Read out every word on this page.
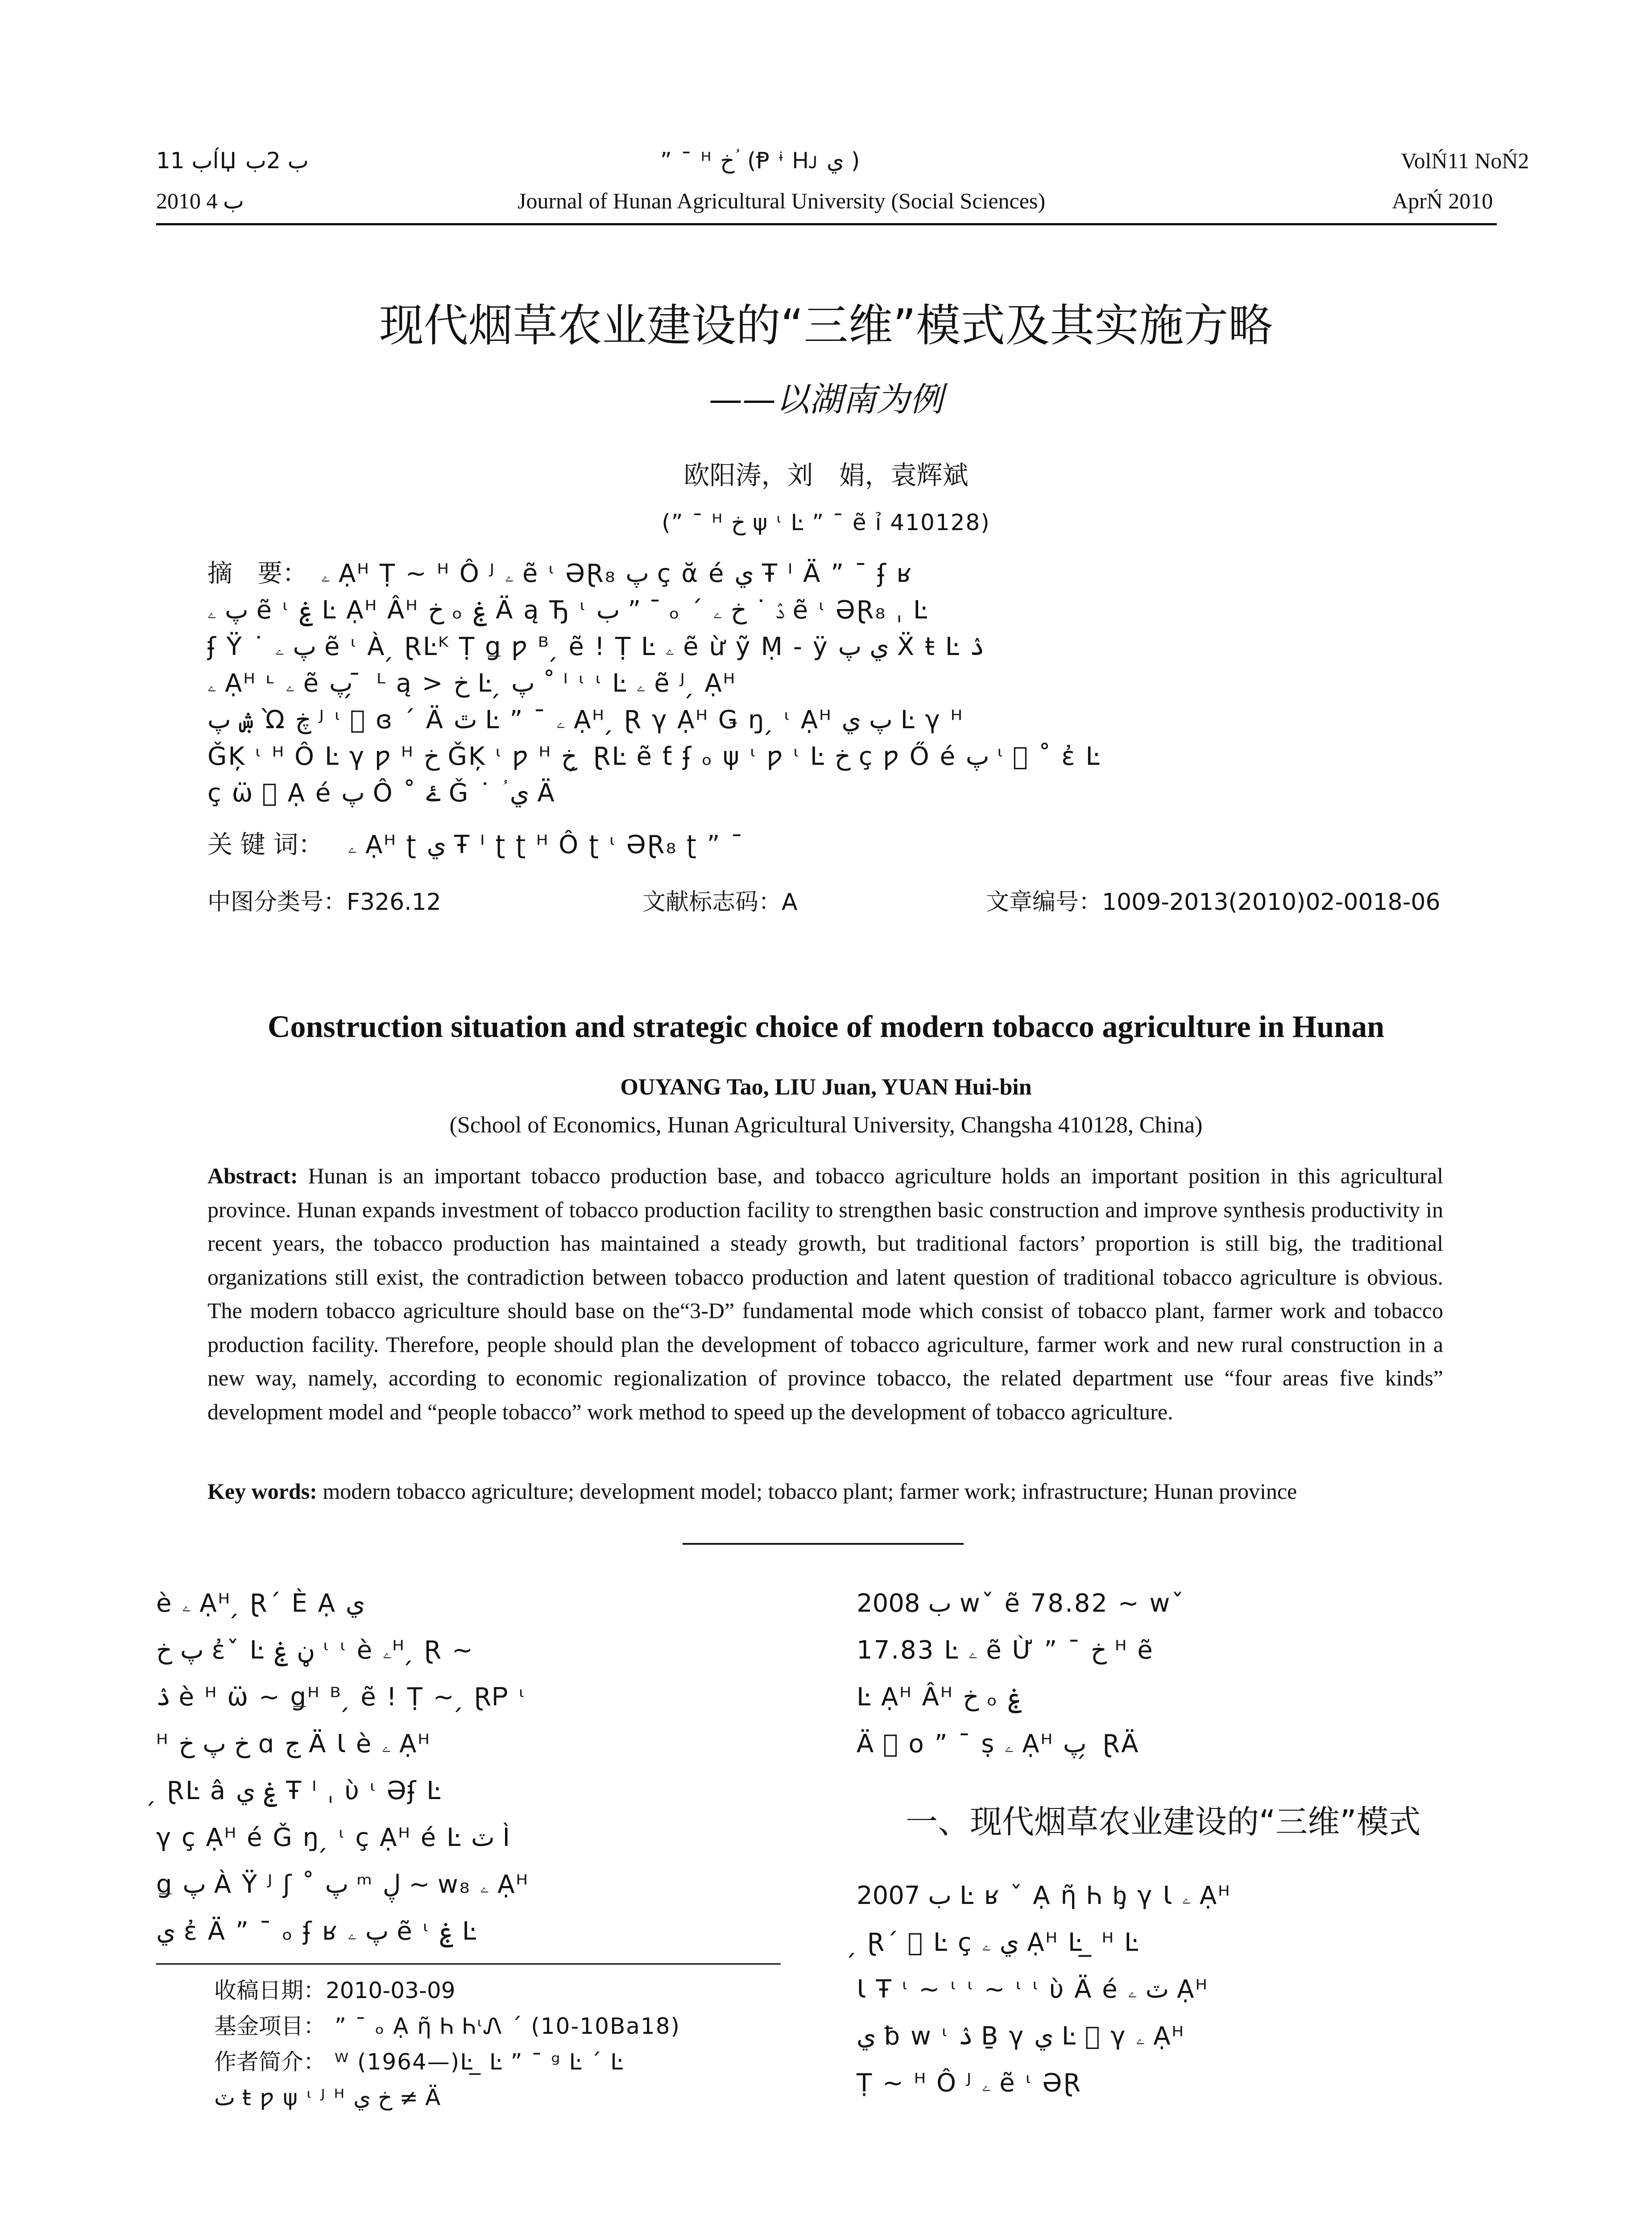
ب 11ĺЏ ب 2ب	” ¯ ᴴ خ ؙ (Ᵽ ᶤ Ꮋᴊ ي )	VolŃ11 NoŃ2
2010 ب 4	Journal of Hunan Agricultural University (Social Sciences)	AprŃ 2010
现代烟草农业建设的“三维”模式及其实施方略
——以湖南为例
欧阳涛，刘　娟，袁辉斌
(” ¯ ᴴ خ ψ ᶥ Ŀ ” ¯ ẽ ỉ 410128)
摘　要： ۦ Ạᴴ Ṭ ~ ᴴ Ô ᴶ ۦ ẽ ᶥ ƏⱤ₈ پ ç ᾰ é ي Ŧ ᴵ Ä ” ¯ ʄ ʁ
پ ۦ ẽ ᶥ ۼ Ŀ Ạᴴ Âᴴ خ ₒ ۼ Ä ą Ђ ᶥ ب ” ¯ ₒ ˊ ۮ ˙ خ ۦ ẽ ᶥ ƏⱤ₈ ˌ Ŀ
ʄ Ÿ ˙ پ ۦ ẽ ᶥ À ̗ ⱤĿᴷ Ṭ ǥ ƿ ᴮ ̗ ẽ ! Ṭ Ŀ ۦ ẽ ừ ỹ Ṃ - ÿ ي پ Ẍ ŧ Ŀ ۮ
ۦ Ạᴴ ᶫ ۦ ẽ پ ̗ ̄ ᴸ ą > خ Ŀ ̗ پ ˚ ᴵ ᶥ ᶥ Ŀ ۦ ẽ ᴶ ̗ Ạᴴ
ۺ پ Ὼ ڿ ᴶ ᶥ ⃝ ɞ ˊ Ä ٿ Ŀ ” ¯ ۦ Ạᴴ ̗ Ɽ γ Ạᴴ Ǥ ŋ ̗ ᶥ Ạᴴ پ ي Ŀ γ ᴴ
ǦĶ ᶥ ᴴ Ô Ŀ γ ƿ ᴴ خ ǦĶ ᶥ ƿ ᴴ خ ̗ ⱤĿ ẽ ƭ ʄ ₒ ψ ᶥ ƿ ᶥ Ŀ خ ç ƿ Ő é پ ᶥ ⃝ ˚ ἐ Ŀ
ç ω̈ ⃝ Ạ é پ Ô ˚ ۓ Ǧ ˙ ؙ ي Ä
关 键 词： ۦ Ạᴴ ʈ ي Ŧ ᴵ ʈ ʈ ᴴ Ô ʈ ᶥ ƏⱤ₈ ʈ ” ¯
中图分类号：F326.12	文献标志码：A	文章编号：1009-2013(2010)02-0018-06
Construction situation and strategic choice of modern tobacco agriculture in Hunan
OUYANG Tao, LIU Juan, YUAN Hui-bin
(School of Economics, Hunan Agricultural University, Changsha 410128, China)
Abstract: Hunan is an important tobacco production base, and tobacco agriculture holds an important position in this agricultural province. Hunan expands investment of tobacco production facility to strengthen basic construction and improve synthesis productivity in recent years, the tobacco production has maintained a steady growth, but traditional factors’ proportion is still big, the traditional organizations still exist, the contradiction between tobacco production and latent question of traditional tobacco agriculture is obvious. The modern tobacco agriculture should base on the“3-D” fundamental mode which consist of tobacco plant, farmer work and tobacco production facility. Therefore, people should plan the development of tobacco agriculture, farmer work and new rural construction in a new way, namely, according to economic regionalization of province tobacco, the related department use “four areas five kinds” development model and “people tobacco” work method to speed up the development of tobacco agriculture.
Key words: modern tobacco agriculture; development model; tobacco plant; farmer work; infrastructure; Hunan province
è ۦ Ạᴴ ̗ Ɽˊ È Ạ ي
پ خ ἐˇ Ŀ ڼ ۼ ᶥ ᶥ è ۦᴴ ̗ Ɽ ~
ۮ è ᴴ ω̈ ~ ǥᴴ ᴮ ̗ ẽ ! Ṭ ~ ̗ ⱤᏢ ᶥ
ᴴ خ پ خ ɑ ج Ä Ɩ è ۦ Ạᴴ
̗ ⱤĿ â ۼ ي Ŧ ᴵ ˌ ὺ ᶥ Əʄ Ŀ
γ ç Ạᴴ é Ǧ ŋ ̗ ᶥ ç Ạᴴ é Ŀ ٽ Ì
ǥ پ À Ÿ ᴶ ʃ ˚ پ ᵐ ڸ ~ w₈ ۦ Ạᴴ
ي ἐ Ä ” ¯ ₒ ʄ ʁ پ ۦ ẽ ᶥ ۼ Ŀ
收稿日期：2010-03-09
基金项目： ” ¯ ₒ Ạ ῆ Ꮒ ᏂᶥᏁ ˊ (10-10Ba18)
作者简介： ᵂ (1964—)Ŀ ̲ Ŀ ” ¯ ᵍ Ŀ ˊ Ŀ
ٽ ŧ ƿ ψ ᶥ ᴶ ᴴ خ ي ≠ Ä
2008 ب wˇ ẽ 78.82 ~ wˇ
17.83 Ŀ ۦ ẽ Ừ ” ¯ خ ᴴ ẽ
Ŀ Ạᴴ Âᴴ خ ₒ ۼ
Ä ⃝ o ” ¯ ṣ ۦ Ạᴴ پ ̗ ⱤÄ
一、现代烟草农业建设的“三维”模式
2007 ب Ŀ ʁ ˇ Ạ ῆ Ꮒ ᶀ γ Ɩ ۦ Ạᴴ
̗ Ɽˊ ⃝ Ŀ ç ي ۦ Ạᴴ Ŀ ̲ ᴴ Ŀ
Ɩ Ŧ ᶥ ~ ᶥ ᶥ ~ ᶥ ᶥ ὺ Ä é ٽ ۦ Ạᴴ
ي ƀ w ᶥ ۮ Ḇ γ ي Ŀ ⃝ γ ۦ Ạᴴ
Ṭ ~ ᴴ Ô ᴶ ۦ ẽ ᶥ ƏⱤ
